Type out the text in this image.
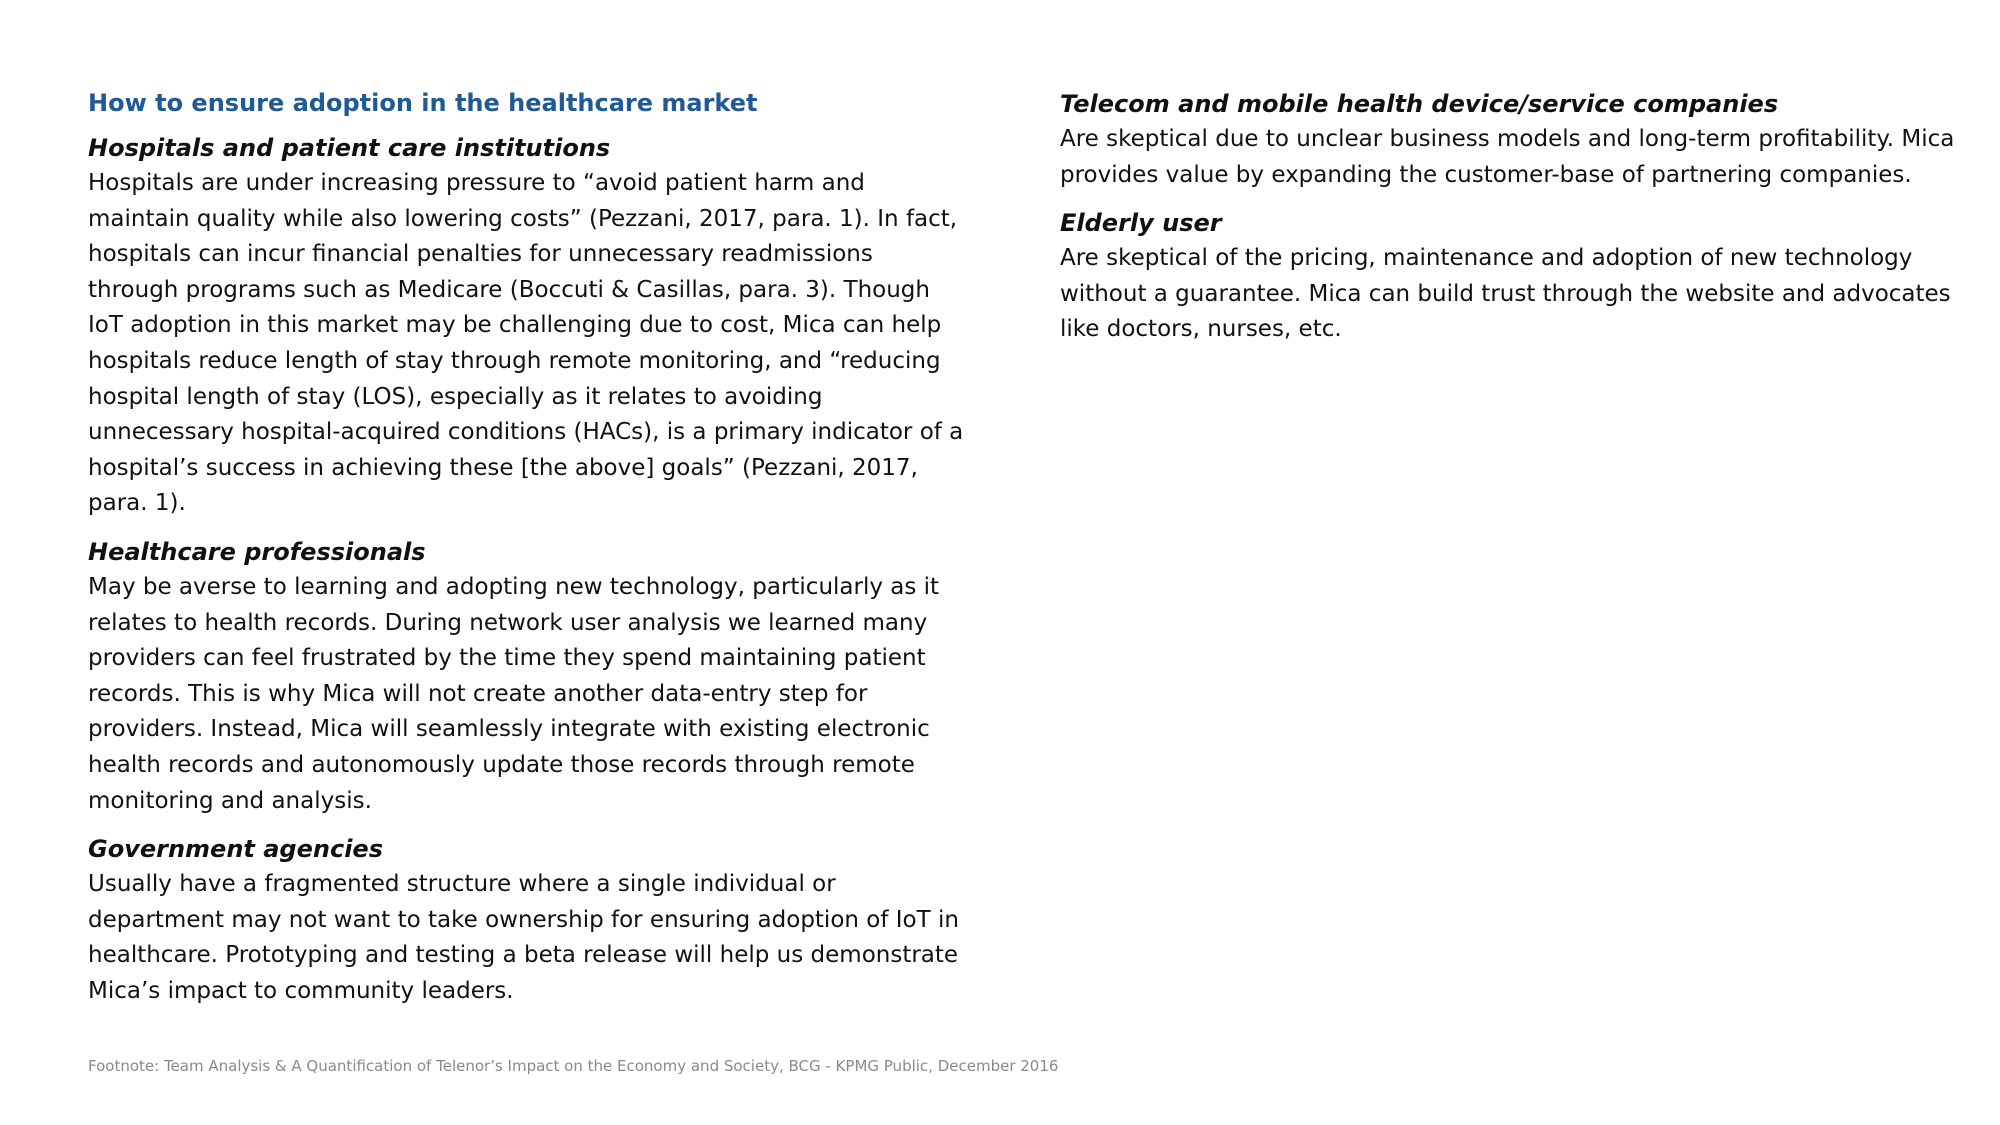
How to ensure adoption in the healthcare market
Hospitals and patient care institutions

Hospitals are under increasing pressure to “avoid patient harm and maintain quality while also lowering costs” (Pezzani, 2017, para. 1). In fact, hospitals can incur financial penalties for unnecessary readmissions through programs such as Medicare (Boccuti & Casillas, para. 3). Though IoT adoption in this market may be challenging due to cost, Mica can help hospitals reduce length of stay through remote monitoring, and “reducing hospital length of stay (LOS), especially as it relates to avoiding unnecessary hospital-acquired conditions (HACs), is a primary indicator of a hospital’s success in achieving these [the above] goals” (Pezzani, 2017, para. 1).

Healthcare professionals

May be averse to learning and adopting new technology, particularly as it relates to health records. During network user analysis we learned many providers can feel frustrated by the time they spend maintaining patient records. This is why Mica will not create another data-entry step for providers. Instead, Mica will seamlessly integrate with existing electronic health records and autonomously update those records through remote monitoring and analysis.

Government agencies

Usually have a fragmented structure where a single individual or department may not want to take ownership for ensuring adoption of IoT in healthcare. Prototyping and testing a beta release will help us demonstrate Mica’s impact to community leaders.

Telecom and mobile health device/service companies

Are skeptical due to unclear business models and long-term profitability. Mica provides value by expanding the customer-base of partnering companies.

Elderly user

Are skeptical of the pricing, maintenance and adoption of new technology without a guarantee. Mica can build trust through the website and advocates like doctors, nurses, etc.

Footnote: Team Analysis & A Quantification of Telenor’s Impact on the Economy and Society, BCG - KPMG Public, December 2016
